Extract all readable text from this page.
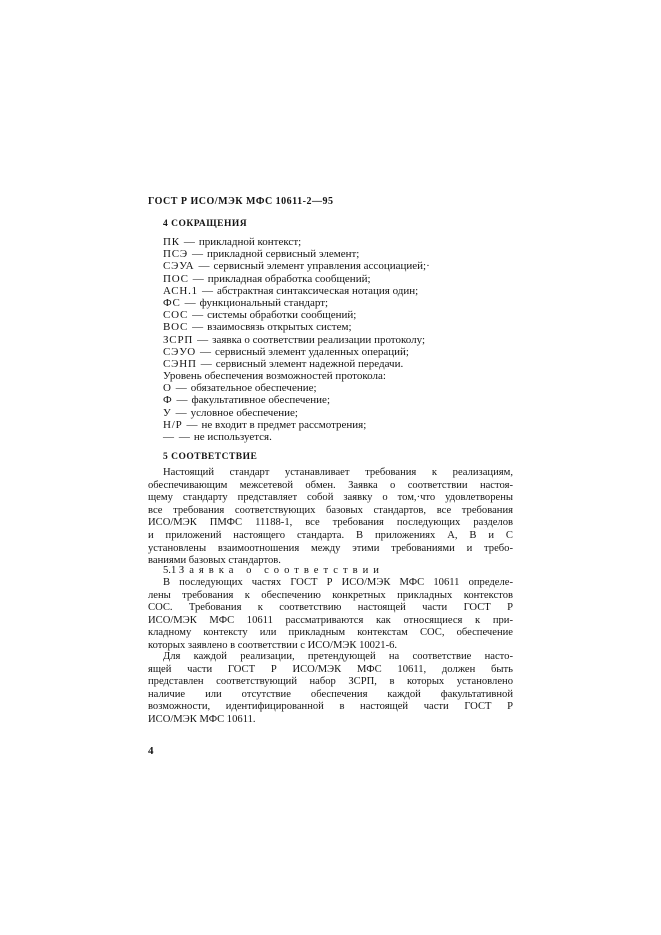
ГОСТ Р ИСО/МЭК МФС 10611-2—95
4 СОКРАЩЕНИЯ
ПК — прикладной контекст;
ПСЭ — прикладной сервисный элемент;
СЭУА — сервисный элемент управления ассоциацией;·
ПОС — прикладная обработка сообщений;
АСН.1 — абстрактная синтаксическая нотация один;
ФС — функциональный стандарт;
СОС — системы обработки сообщений;
ВОС — взаимосвязь открытых систем;
ЗСРП — заявка о соответствии реализации протоколу;
СЭУО — сервисный элемент удаленных операций;
СЭНП — сервисный элемент надежной передачи.
Уровень обеспечения возможностей протокола:
О — обязательное обеспечение;
Ф — факультативное обеспечение;
У — условное обеспечение;
Н/Р — не входит в предмет рассмотрения;
— — не используется.
5 СООТВЕТСТВИЕ
Настоящий стандарт устанавливает требования к реализациям,
обеспечивающим межсетевой обмен. Заявка о соответствии настоя-
щему стандарту представляет собой заявку о том,·что удовлетворены
все требования соответствующих базовых стандартов, все требования
ИСО/МЭК ПМФС 11188-1, все требования последующих разделов
и приложений настоящего стандарта. В приложениях А, В и С
установлены взаимоотношения между этими требованиями и требо-
ваниями базовых стандартов.
5.1 Заявка о соответствии
В последующих частях ГОСТ Р ИСО/МЭК МФС 10611 определе-
лены требования к обеспечению конкретных прикладных контекстов
СОС. Требования к соответствию настоящей части ГОСТ Р
ИСО/МЭК МФС 10611 рассматриваются как относящиеся к при-
кладному контексту или прикладным контекстам СОС, обеспечение
которых заявлено в соответствии с ИСО/МЭК 10021-6.
Для каждой реализации, претендующей на соответствие насто-
ящей части ГОСТ Р ИСО/МЭК МФС 10611, должен быть
представлен соответствующий набор ЗСРП, в которых установлено
наличие или отсутствие обеспечения каждой факультативной
возможности, идентифицированной в настоящей части ГОСТ Р
ИСО/МЭК МФС 10611.
4
